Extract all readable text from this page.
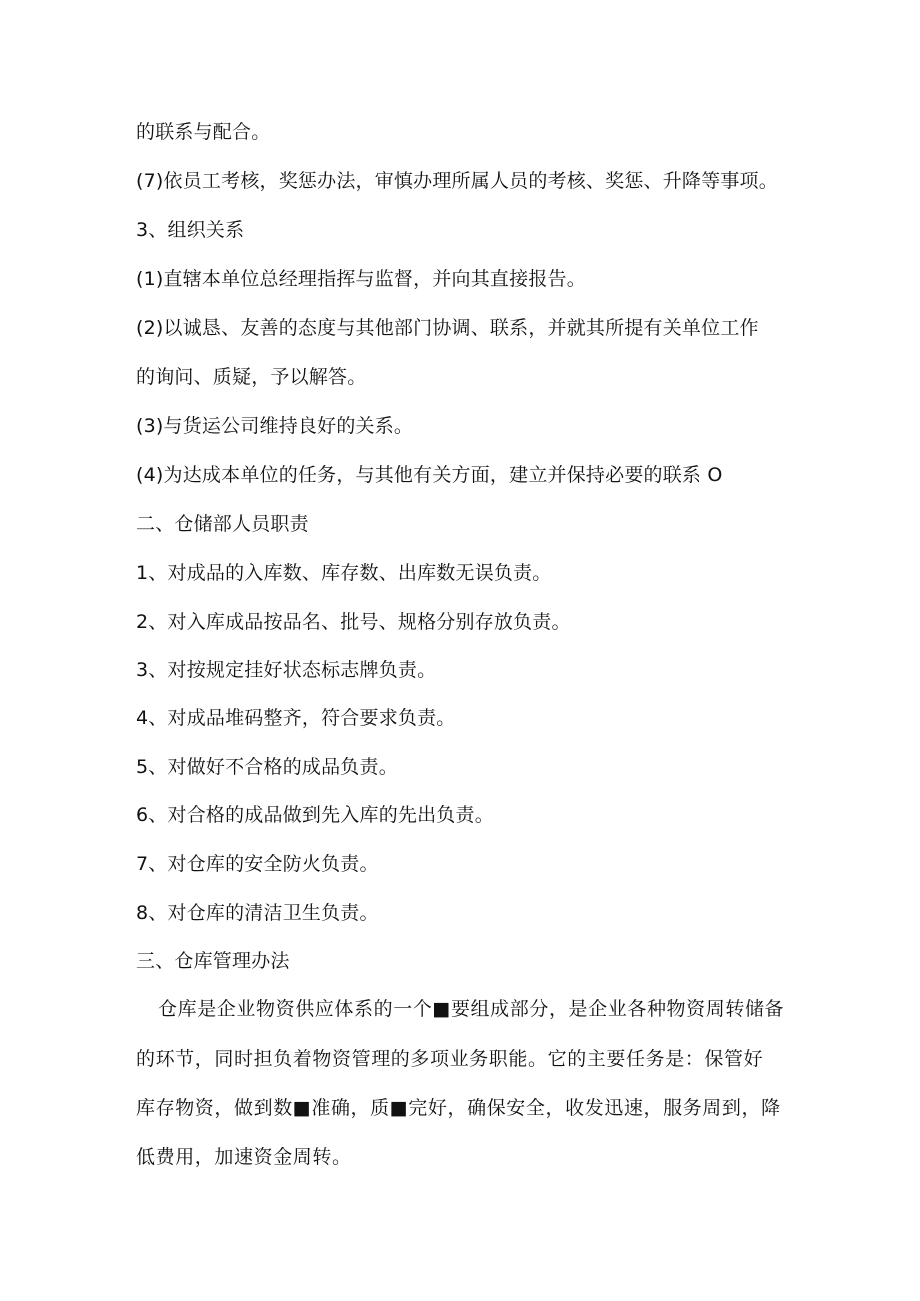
的联系与配合。
(7)依员工考核，奖惩办法，审慎办理所属人员的考核、奖惩、升降等事项。
3、组织关系
(1)直辖本单位总经理指挥与监督，并向其直接报告。
(2)以诚恳、友善的态度与其他部门协调、联系，并就其所提有关单位工作
的询问、质疑，予以解答。
(3)与货运公司维持良好的关系。
(4)为达成本单位的任务，与其他有关方面，建立并保持必要的联系 O
二、仓储部人员职责
1、对成品的入库数、库存数、出库数无误负责。
2、对入库成品按品名、批号、规格分别存放负责。
3、对按规定挂好状态标志牌负责。
4、对成品堆码整齐，符合要求负责。
5、对做好不合格的成品负责。
6、对合格的成品做到先入库的先出负责。
7、对仓库的安全防火负责。
8、对仓库的清洁卫生负责。
三、仓库管理办法
仓库是企业物资供应体系的一个■要组成部分，是企业各种物资周转储备
的环节，同时担负着物资管理的多项业务职能。它的主要任务是：保管好
库存物资，做到数■准确，质■完好，确保安全，收发迅速，服务周到，降
低费用，加速资金周转。
